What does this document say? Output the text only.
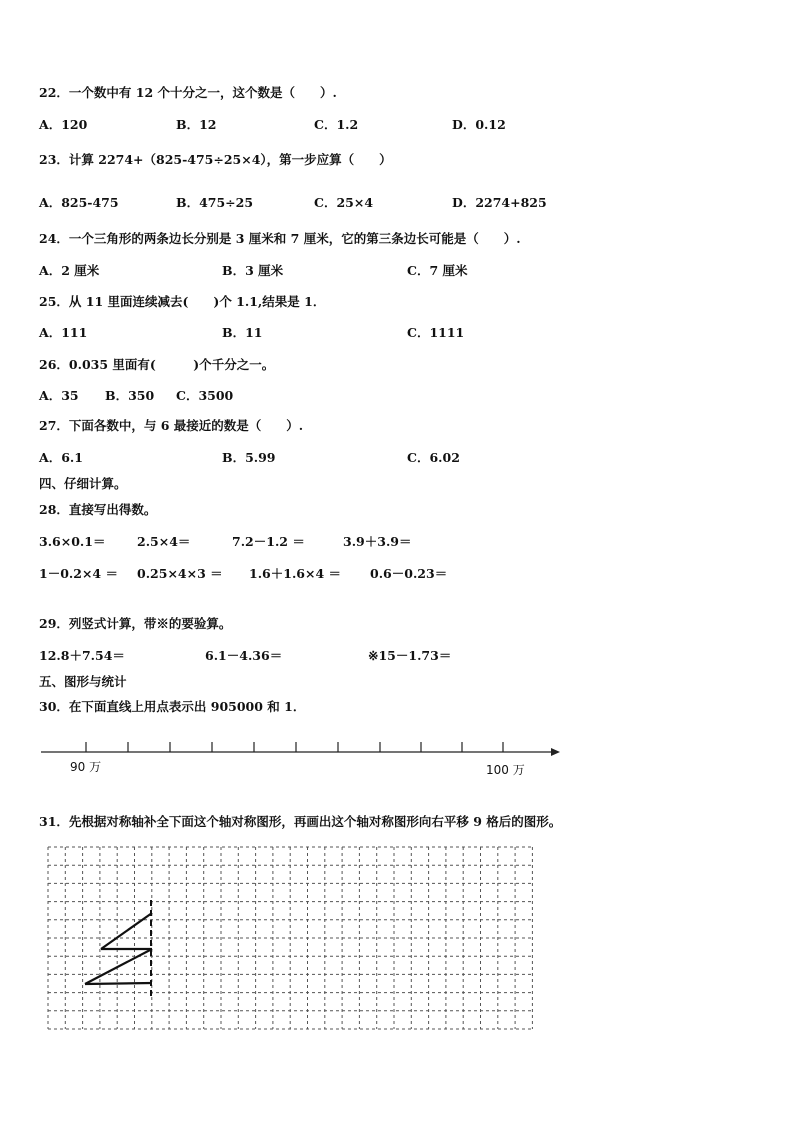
22．一个数中有 12 个十分之一，这个数是（　　）.
A．120	B．12	C．1.2	D．0.12
23．计算 2274+（825-475÷25×4），第一步应算（　　）
A．825-475	B．475÷25	C．25×4	D．2274+825
24．一个三角形的两条边长分别是 3 厘米和 7 厘米，它的第三条边长可能是（　　）.
A．2 厘米	B．3 厘米	C．7 厘米
25．从 11 里面连续减去(　　)个 1.1,结果是 1．
A．111	B．11	C．1111
26．0.035 里面有(　　　)个千分之一。
A．35 B．350 C．3500
27．下面各数中，与 6 最接近的数是（　　）.
A．6.1	B．5.99	C．6.02
四、仔细计算。
28．直接写出得数。
3.6×0.1＝	2.5×4＝	7.2－1.2 ＝	3.9＋3.9＝
1－0.2×4 ＝ 0.25×4×3 ＝ 1.6＋1.6×4 ＝ 0.6－0.23＝
29．列竖式计算，带※的要验算。
12.8＋7.54＝	6.1－4.36＝	※15－1.73＝
五、图形与统计
30．在下面直线上用点表示出 905000 和 1．
90 万	100 万
31．先根据对称轴补全下面这个轴对称图形，再画出这个轴对称图形向右平移 9 格后的图形。
